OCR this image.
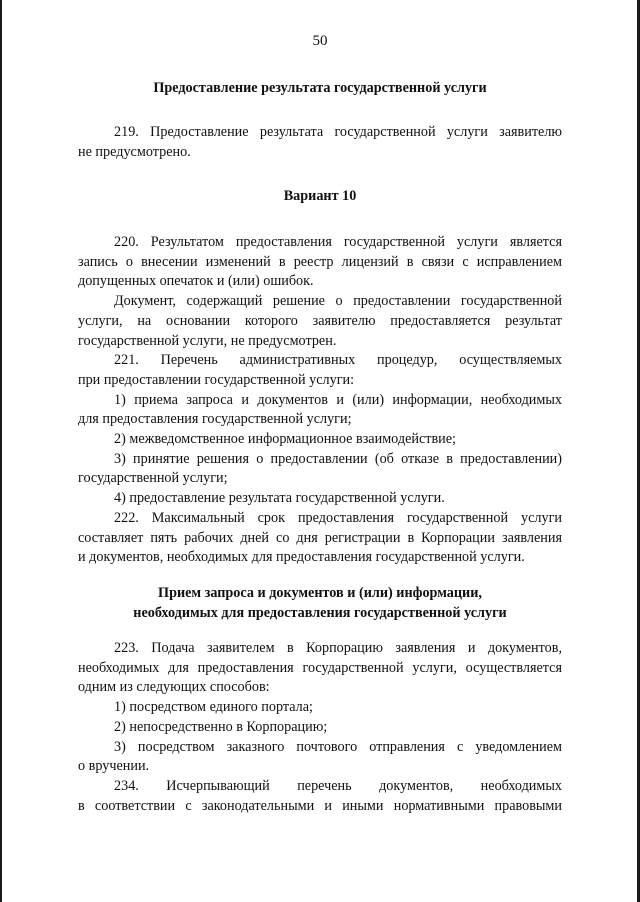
50
Предоставление результата государственной услуги
219. Предоставление результата государственной услуги заявителю
не предусмотрено.
Вариант 10
220. Результатом предоставления государственной услуги является
запись о внесении изменений в реестр лицензий в связи с исправлением
допущенных опечаток и (или) ошибок.
Документ, содержащий решение о предоставлении государственной
услуги, на основании которого заявителю предоставляется результат
государственной услуги, не предусмотрен.
221. Перечень административных процедур, осуществляемых
при предоставлении государственной услуги:
1) приема запроса и документов и (или) информации, необходимых
для предоставления государственной услуги;
2) межведомственное информационное взаимодействие;
3) принятие решения о предоставлении (об отказе в предоставлении)
государственной услуги;
4) предоставление результата государственной услуги.
222. Максимальный срок предоставления государственной услуги
составляет пять рабочих дней со дня регистрации в Корпорации заявления
и документов, необходимых для предоставления государственной услуги.
Прием запроса и документов и (или) информации,
необходимых для предоставления государственной услуги
223. Подача заявителем в Корпорацию заявления и документов,
необходимых для предоставления государственной услуги, осуществляется
одним из следующих способов:
1) посредством единого портала;
2) непосредственно в Корпорацию;
3) посредством заказного почтового отправления с уведомлением
о вручении.
234. Исчерпывающий перечень документов, необходимых
в соответствии с законодательными и иными нормативными правовыми
